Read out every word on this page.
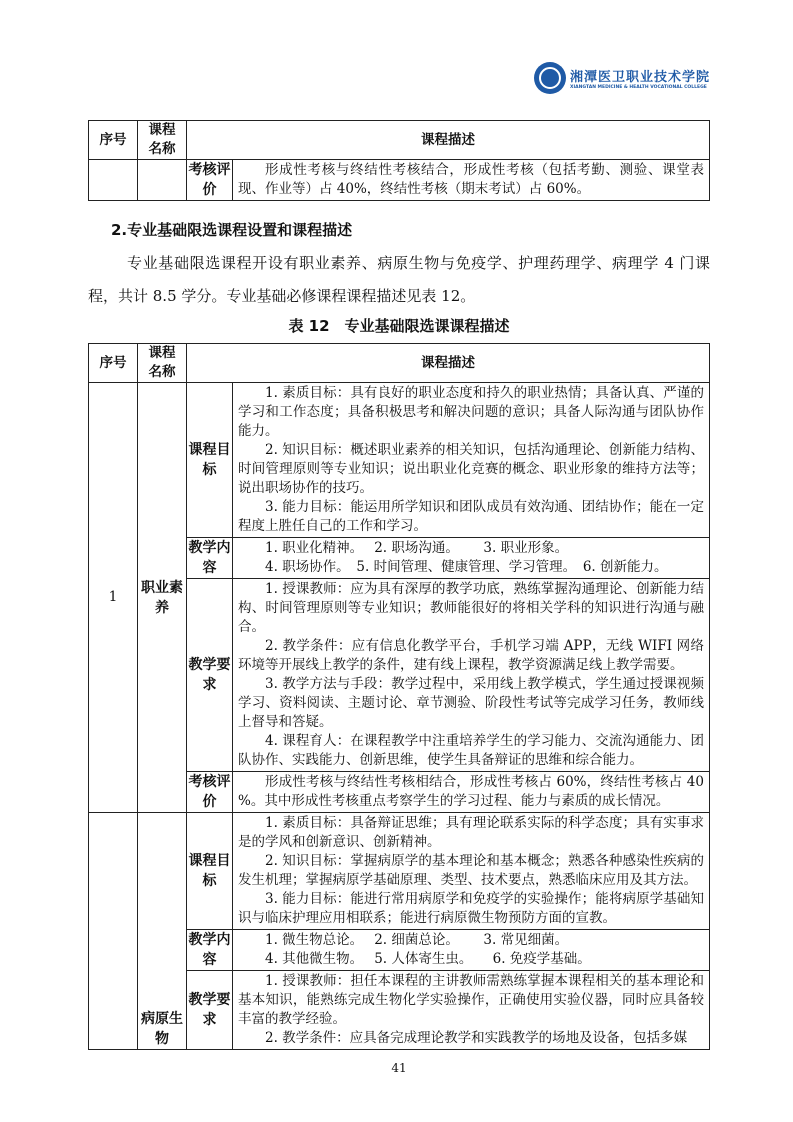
湘潭医卫职业技术学院
XIANGTAN MEDICINE & HEALTH VOCATIONAL COLLEGE
序号	课程名称	课程描述	
		考核评价	形成性考核与终结性考核结合，形成性考核（包括考勤、测验、课堂表现、作业等）占 40%，终结性考核（期末考试）占 60%。

2.专业基础限选课程设置和课程描述

专业基础限选课程开设有职业素养、病原生物与免疫学、护理药理学、病理学 4 门课程，共计 8.5 学分。专业基础必修课程课程描述见表 12。

表 12　专业基础限选课课程描述
序号	课程名称	课程描述	
1	职业素养	课程目标	1. 素质目标：具有良好的职业态度和持久的职业热情；具备认真、严谨的学习和工作态度；具备积极思考和解决问题的意识；具备人际沟通与团队协作能力。

2. 知识目标：概述职业素养的相关知识，包括沟通理论、创新能力结构、时间管理原则等专业知识；说出职业化竞赛的概念、职业形象的维持方法等；说出职场协作的技巧。

3. 能力目标：能运用所学知识和团队成员有效沟通、团结协作；能在一定程度上胜任自己的工作和学习。

		教学内容	1. 职业化精神。　 2. 职场沟通。　　 3. 职业形象。

4. 职场协作。　5. 时间管理、健康管理、学习管理。　6. 创新能力。

		教学要求	1. 授课教师：应为具有深厚的教学功底，熟练掌握沟通理论、创新能力结构、时间管理原则等专业知识；教师能很好的将相关学科的知识进行沟通与融合。

2. 教学条件：应有信息化教学平台，手机学习端 APP，无线 WIFI 网络环境等开展线上教学的条件，建有线上课程，教学资源满足线上教学需要。

3. 教学方法与手段：教学过程中，采用线上教学模式，学生通过授课视频学习、资料阅读、主题讨论、章节测验、阶段性考试等完成学习任务，教师线上督导和答疑。

4. 课程育人：在课程教学中注重培养学生的学习能力、交流沟通能力、团队协作、实践能力、创新思维，使学生具备辩证的思维和综合能力。

		考核评价	形成性考核与终结性考核相结合，形成性考核占 60%，终结性考核占 40 %。其中形成性考核重点考察学生的学习过程、能力与素质的成长情况。

	病原生物	课程目标	1. 素质目标：具备辩证思维；具有理论联系实际的科学态度；具有实事求是的学风和创新意识、创新精神。

2. 知识目标：掌握病原学的基本理论和基本概念；熟悉各种感染性疾病的发生机理；掌握病原学基础原理、类型、技术要点，熟悉临床应用及其方法。

3. 能力目标：能进行常用病原学和免疫学的实验操作；能将病原学基础知识与临床护理应用相联系；能进行病原微生物预防方面的宣教。

		教学内容	1. 微生物总论。　 2. 细菌总论。　　 3. 常见细菌。

4. 其他微生物。　 5. 人体寄生虫。　　6. 免疫学基础。

		教学要求	1. 授课教师：担任本课程的主讲教师需熟练掌握本课程相关的基本理论和基本知识，能熟练完成生物化学实验操作，正确使用实验仪器，同时应具备较丰富的教学经验。

2. 教学条件：应具备完成理论教学和实践教学的场地及设备，包括多媒

41
